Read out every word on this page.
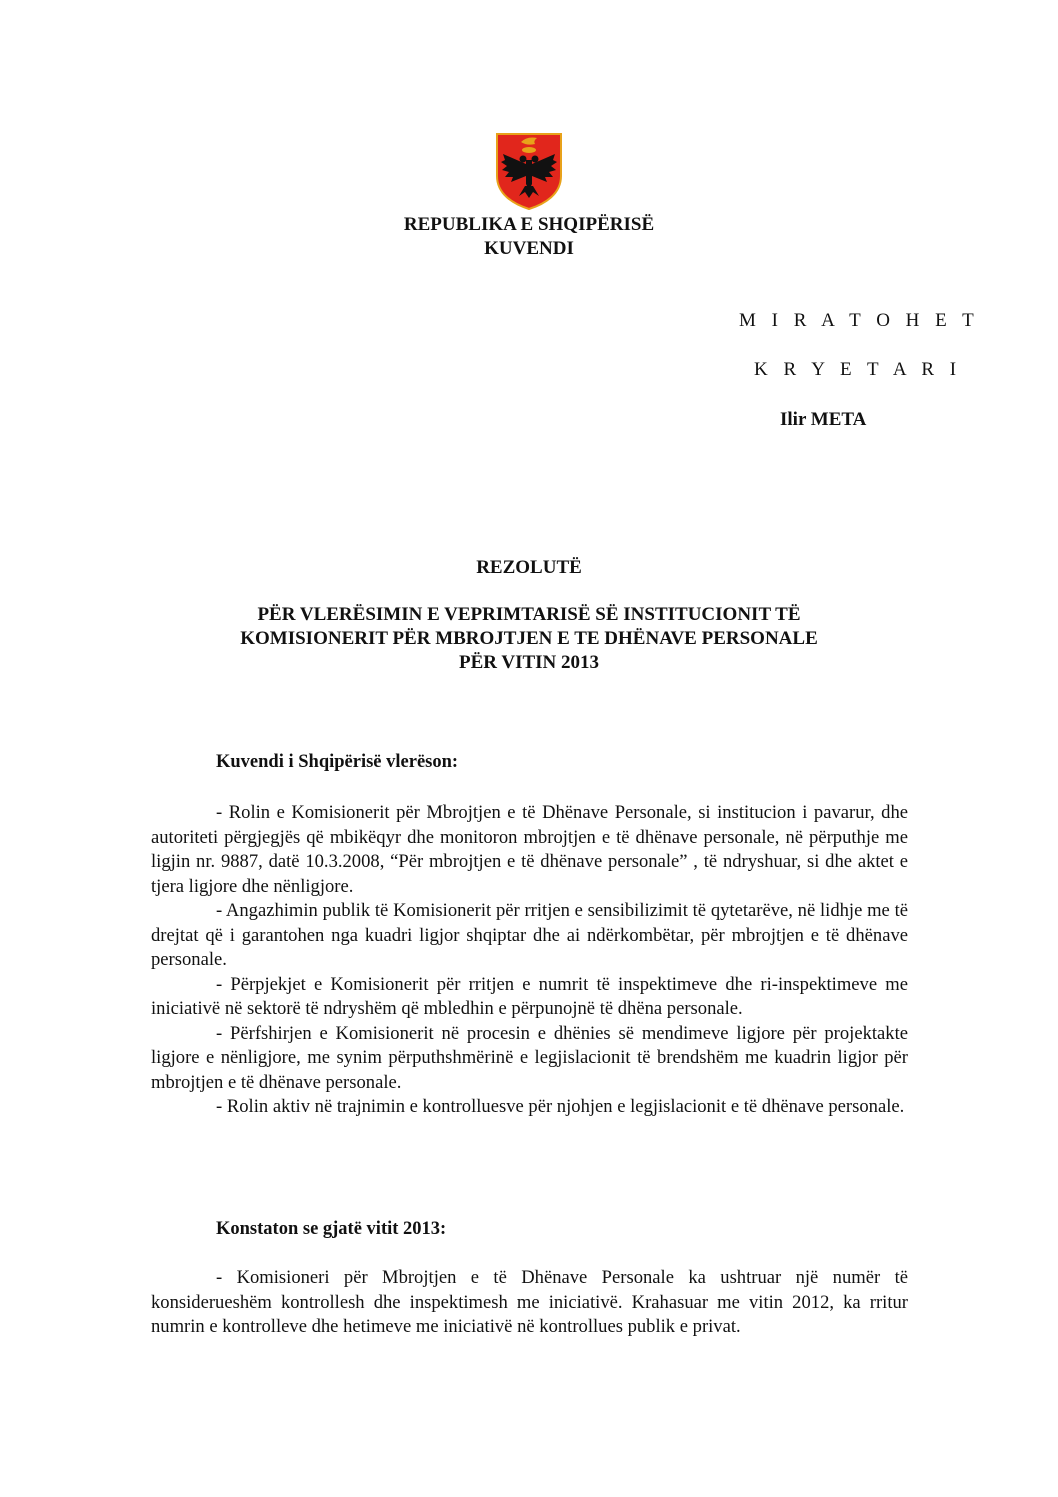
REPUBLIKA E SHQIPËRISË
KUVENDI
M I R A T O H E T
K R Y E T A R I
Ilir META
REZOLUTË
PËR VLERËSIMIN E VEPRIMTARISË SË INSTITUCIONIT TË
KOMISIONERIT PËR MBROJTJEN E TE DHËNAVE PERSONALE
PËR VITIN 2013
Kuvendi i Shqipërisë vlerëson:

- Rolin e Komisionerit për Mbrojtjen e të Dhënave Personale, si institucion i pavarur, dhe autoriteti përgjegjës që mbikëqyr dhe monitoron mbrojtjen e të dhënave personale, në përputhje me ligjin nr. 9887, datë 10.3.2008, “Për mbrojtjen e të dhënave personale” , të ndryshuar, si dhe aktet e tjera ligjore dhe nënligjore.

- Angazhimin publik të Komisionerit për rritjen e sensibilizimit të qytetarëve, në lidhje me të drejtat që i garantohen nga kuadri ligjor shqiptar dhe ai ndërkombëtar, për mbrojtjen e të dhënave personale.

- Përpjekjet e Komisionerit për rritjen e numrit të inspektimeve dhe ri-inspektimeve me iniciativë në sektorë të ndryshëm që mbledhin e përpunojnë të dhëna personale.

- Përfshirjen e Komisionerit në procesin e dhënies së mendimeve ligjore për projektakte ligjore e nënligjore, me synim përputhshmërinë e legjislacionit të brendshëm me kuadrin ligjor për mbrojtjen e të dhënave personale.

- Rolin aktiv në trajnimin e kontrolluesve për njohjen e legjislacionit e të dhënave personale.

Konstaton se gjatë vitit 2013:

- Komisioneri për Mbrojtjen e të Dhënave Personale ka ushtruar një numër të konsiderueshëm kontrollesh dhe inspektimesh me iniciativë. Krahasuar me vitin 2012, ka rritur numrin e kontrolleve dhe hetimeve me iniciativë në kontrollues publik e privat.
